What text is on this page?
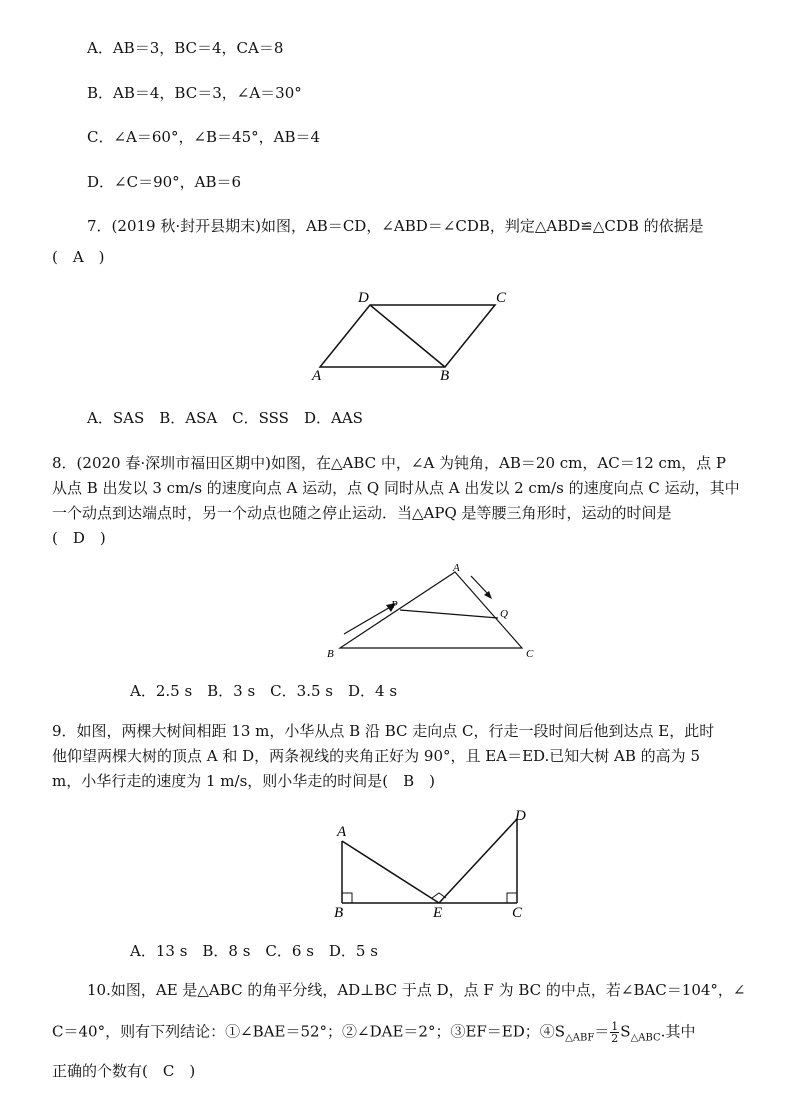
A．AB＝3，BC＝4，CA＝8
B．AB＝4，BC＝3，∠A＝30°
C．∠A＝60°，∠B＝45°，AB＝4
D．∠C＝90°，AB＝6
7．(2019 秋·封开县期末)如图，AB＝CD，∠ABD＝∠CDB，判定△ABD≌△CDB 的依据是
(　A　)
D	C
A	B
A．SAS　B．ASA　C．SSS　D．AAS
8．(2020 春·深圳市福田区期中)如图，在△ABC 中，∠A 为钝角，AB＝20 cm，AC＝12 cm，点 P
从点 B 出发以 3 cm/s 的速度向点 A 运动，点 Q 同时从点 A 出发以 2 cm/s 的速度向点 C 运动，其中
一个动点到达端点时，另一个动点也随之停止运动．当△APQ 是等腰三角形时，运动的时间是
(　D　)
A
P
Q
B	C
A．2.5 s　B．3 s　C．3.5 s　D．4 s
9．如图，两棵大树间相距 13 m，小华从点 B 沿 BC 走向点 C，行走一段时间后他到达点 E，此时
他仰望两棵大树的顶点 A 和 D，两条视线的夹角正好为 90°，且 EA＝ED.已知大树 AB 的高为 5
m，小华行走的速度为 1 m/s，则小华走的时间是(　B　)
A
D
B	E	C
A．13 s　B．8 s　C．6 s　D．5 s
10.如图，AE 是△ABC 的角平分线，AD⊥BC 于点 D，点 F 为 BC 的中点，若∠BAC＝104°，∠
C＝40°，则有下列结论：①∠BAE＝52°；②∠DAE＝2°；③EF＝ED；$④S_{\triangle ABF}= \frac{1}{2} S_{\triangle ABC}$.其中
正确的个数有(　C　)
